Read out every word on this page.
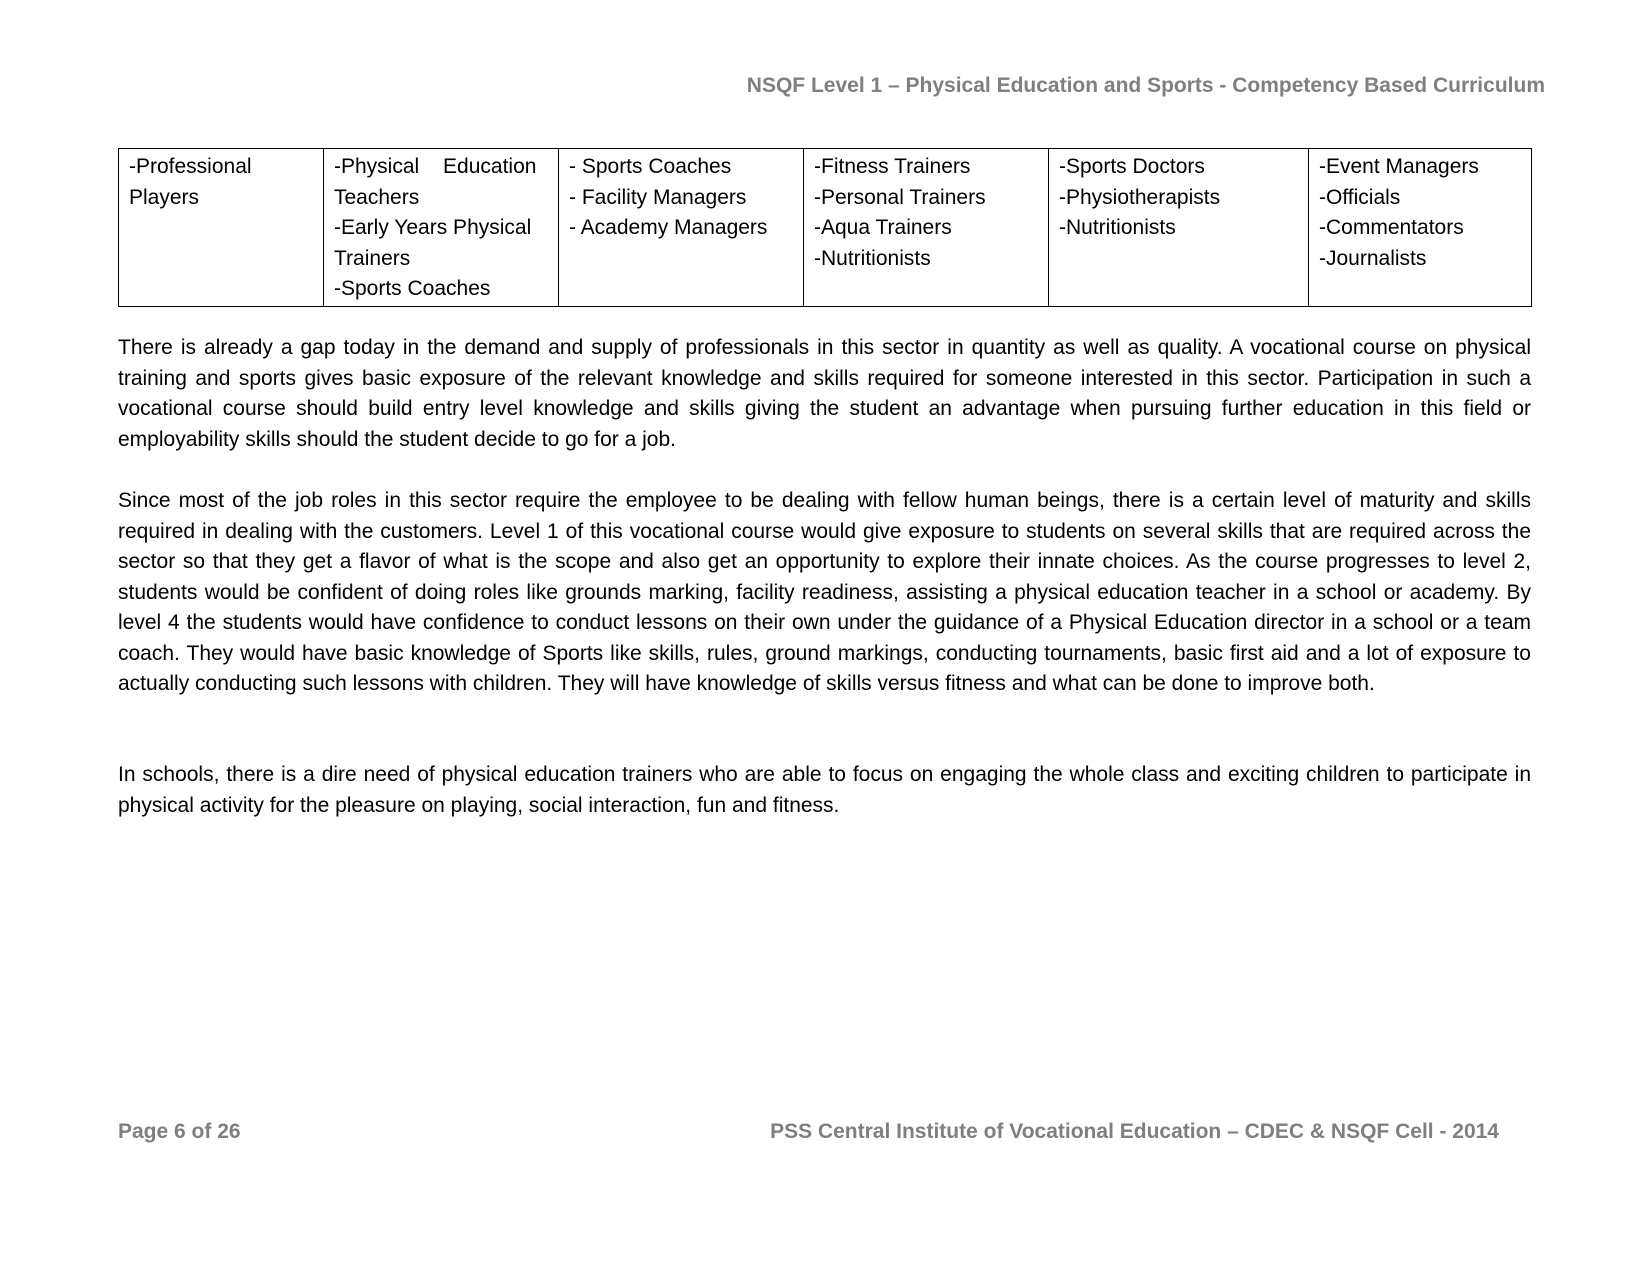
NSQF Level 1 – Physical Education and Sports - Competency Based Curriculum
-Professional
Players

-Physical Education
Teachers
-Early Years Physical
Trainers
-Sports Coaches

- Sports Coaches
- Facility Managers
- Academy Managers

-Fitness Trainers
-Personal Trainers
-Aqua Trainers
-Nutritionists

-Sports Doctors
-Physiotherapists
-Nutritionists

-Event Managers
-Officials
-Commentators
-Journalists

There is already a gap today in the demand and supply of professionals in this sector in quantity as well as quality. A vocational course on physical training and sports gives basic exposure of the relevant knowledge and skills required for someone interested in this sector. Participation in such a vocational course should build entry level knowledge and skills giving the student an advantage when pursuing further education in this field or employability skills should the student decide to go for a job.

Since most of the job roles in this sector require the employee to be dealing with fellow human beings, there is a certain level of maturity and skills required in dealing with the customers. Level 1 of this vocational course would give exposure to students on several skills that are required across the sector so that they get a flavor of what is the scope and also get an opportunity to explore their innate choices. As the course progresses to level 2, students would be confident of doing roles like grounds marking, facility readiness, assisting a physical education teacher in a school or academy. By level 4 the students would have confidence to conduct lessons on their own under the guidance of a Physical Education director in a school or a team coach. They would have basic knowledge of Sports like skills, rules, ground markings, conducting tournaments, basic first aid and a lot of exposure to actually conducting such lessons with children. They will have knowledge of skills versus fitness and what can be done to improve both.

In schools, there is a dire need of physical education trainers who are able to focus on engaging the whole class and exciting children to participate in physical activity for the pleasure on playing, social interaction, fun and fitness.

Page 6 of 26	PSS Central Institute of Vocational Education – CDEC & NSQF Cell - 2014
